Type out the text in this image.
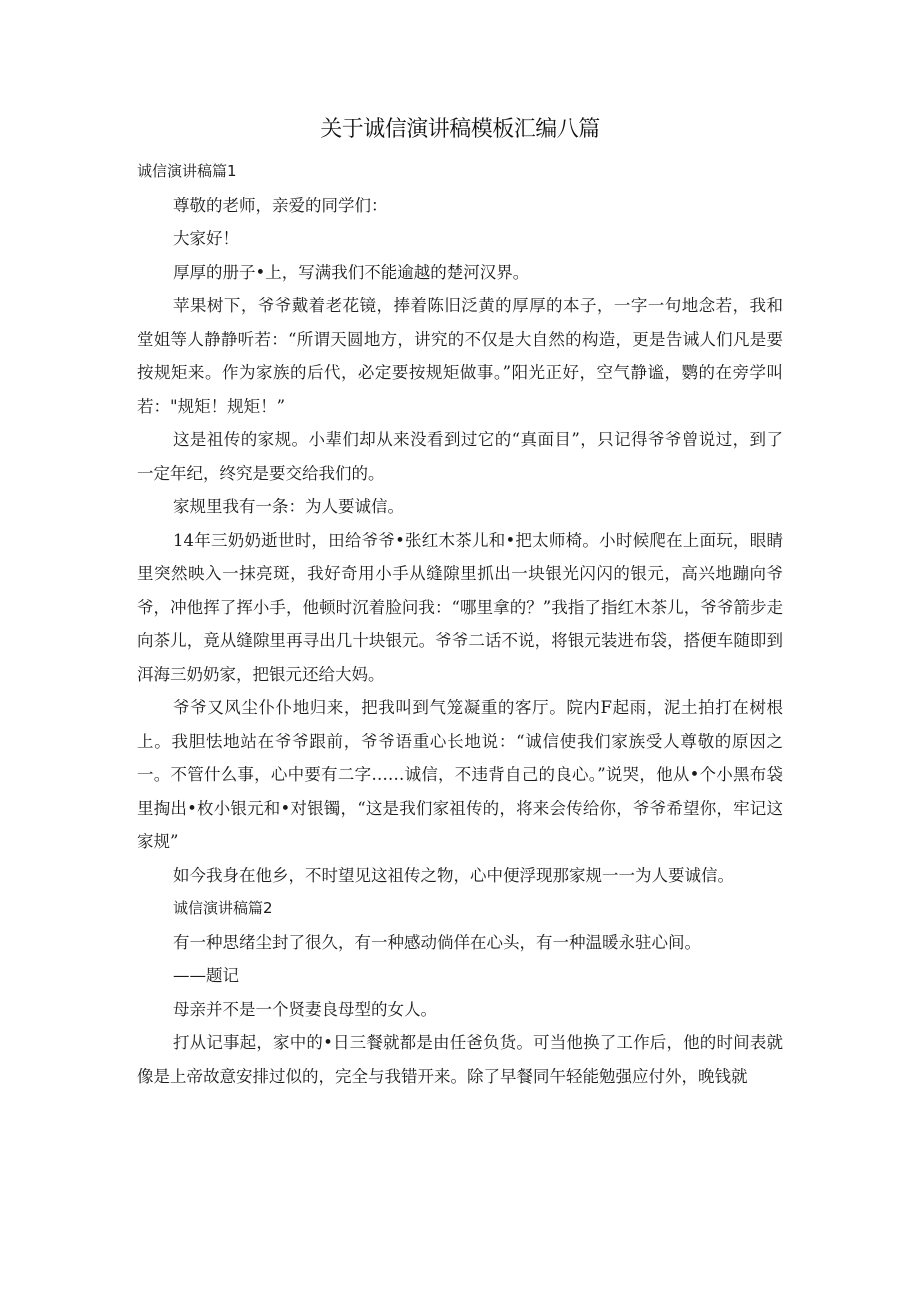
关于诚信演讲稿模板汇编八篇

诚信演讲稿篇1

尊敬的老师，亲爱的同学们：

大家好！

厚厚的册子•上，写满我们不能逾越的楚河汉界。

苹果树下，爷爷戴着老花镜，捧着陈旧泛黄的厚厚的本子，一字一句地念若，我和堂姐等人静静听若：“所谓天圆地方，讲究的不仅是大自然的构造，更是告诫人们凡是要按规矩来。作为家族的后代，必定要按规矩做事。”阳光正好，空气静谧，鹦的在旁学叫若："规矩！规矩！”

这是祖传的家规。小辈们却从来没看到过它的“真面目”，只记得爷爷曾说过，到了一定年纪，终究是要交给我们的。

家规里我有一条：为人要诚信。

14年三奶奶逝世时，田给爷爷•张红木茶儿和•把太师椅。小时候爬在上面玩，眼睛里突然映入一抹亮斑，我好奇用小手从缝隙里抓出一块银光闪闪的银元，高兴地蹦向爷爷，冲他挥了挥小手，他顿时沉着脸问我：“哪里拿的？”我指了指红木茶儿，爷爷箭步走向茶儿，竟从缝隙里再寻出几十块银元。爷爷二话不说，将银元装进布袋，搭便车随即到洱海三奶奶家，把银元还给大妈。

爷爷又风尘仆仆地归来，把我叫到气笼凝重的客厅。院内F起雨，泥土拍打在树根上。我胆怯地站在爷爷跟前，爷爷语重心长地说：“诚信使我们家族受人尊敬的原因之一。不管什么事，心中要有二字……诚信，不违背自己的良心。”说哭，他从•个小黑布袋里掏出•枚小银元和•对银镯，“这是我们家祖传的，将来会传给你，爷爷希望你，牢记这家规”

如今我身在他乡，不时望见这祖传之物，心中便浮现那家规一一为人要诚信。

诚信演讲稿篇2

有一种思绪尘封了很久，有一种感动倘佯在心头，有一种温暖永驻心间。

——题记

母亲并不是一个贤妻良母型的女人。

打从记事起，家中的•日三餐就都是由任爸负货。可当他换了工作后，他的时间表就像是上帝故意安排过似的，完全与我错开来。除了早餐同午轻能勉强应付外，晚钱就
